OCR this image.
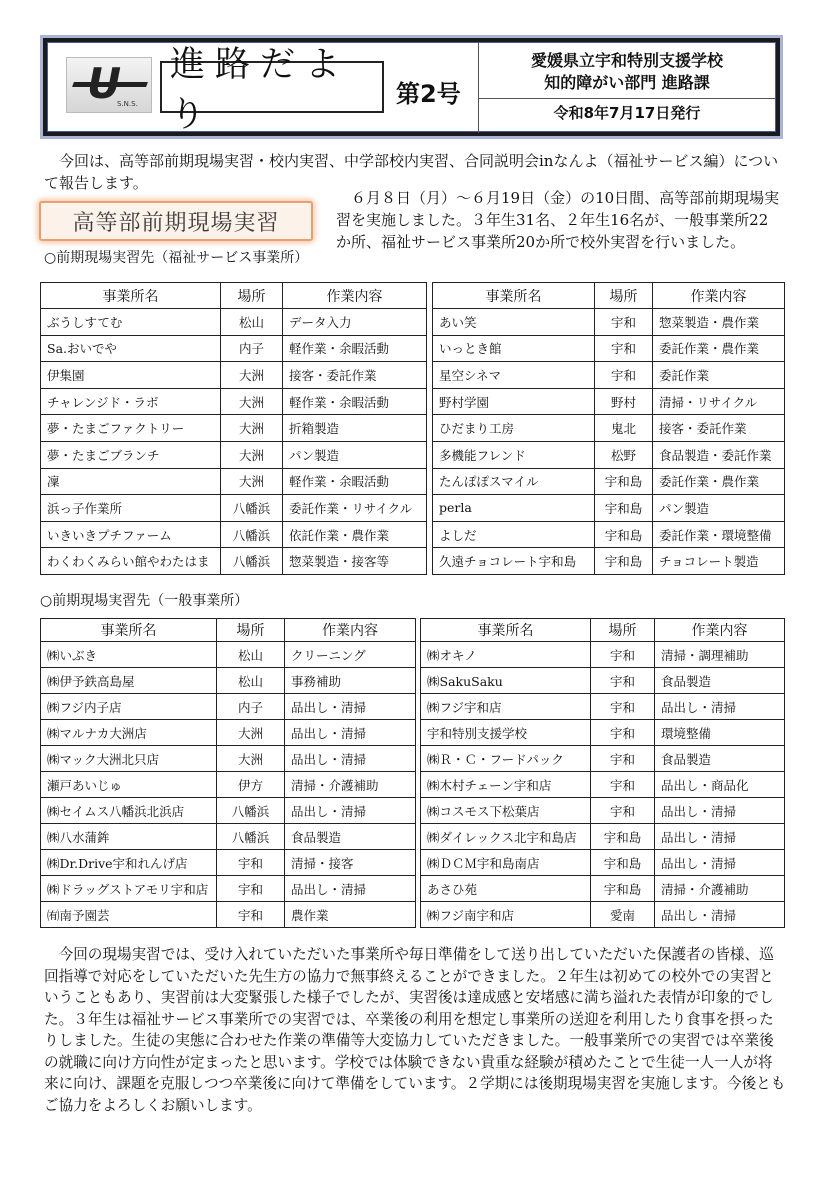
U
S.N.S.
進路だより
第2号
愛媛県立宇和特別支援学校
知的障がい部門 進路課
令和8年7月17日発行
今回は、高等部前期現場実習・校内実習、中学部校内実習、合同説明会inなんよ（福祉サービス編）について報告します。
高等部前期現場実習
６月８日（月）～６月19日（金）の10日間、高等部前期現場実習を実施しました。３年生31名、２年生16名が、一般事業所22か所、福祉サービス事業所20か所で校外実習を行いました。
○前期現場実習先（福祉サービス事業所）
事業所名	場所	作業内容
ぶうしすてむ	松山	データ入力
Sa.おいでや	内子	軽作業・余暇活動
伊集園	大洲	接客・委託作業
チャレンジド・ラボ	大洲	軽作業・余暇活動
夢・たまごファクトリー	大洲	折箱製造
夢・たまごブランチ	大洲	パン製造
凜	大洲	軽作業・余暇活動
浜っ子作業所	八幡浜	委託作業・リサイクル
いきいきプチファーム	八幡浜	依託作業・農作業
わくわくみらい館やわたはま	八幡浜	惣菜製造・接客等
事業所名	場所	作業内容
あい笑	宇和	惣菜製造・農作業
いっとき館	宇和	委託作業・農作業
星空シネマ	宇和	委託作業
野村学園	野村	清掃・リサイクル
ひだまり工房	鬼北	接客・委託作業
多機能フレンド	松野	食品製造・委託作業
たんぽぽスマイル	宇和島	委託作業・農作業
perla	宇和島	パン製造
よしだ	宇和島	委託作業・環境整備
久遠チョコレート宇和島	宇和島	チョコレート製造
○前期現場実習先（一般事業所）
事業所名	場所	作業内容
㈱いぶき	松山	クリーニング
㈱伊予鉄高島屋	松山	事務補助
㈱フジ内子店	内子	品出し・清掃
㈱マルナカ大洲店	大洲	品出し・清掃
㈱マック大洲北只店	大洲	品出し・清掃
瀬戸あいじゅ	伊方	清掃・介護補助
㈱セイムス八幡浜北浜店	八幡浜	品出し・清掃
㈱八水蒲鉾	八幡浜	食品製造
㈱Dr.Drive宇和れんげ店	宇和	清掃・接客
㈱ドラッグストアモリ宇和店	宇和	品出し・清掃
㈲南予園芸	宇和	農作業
事業所名	場所	作業内容
㈱オキノ	宇和	清掃・調理補助
㈱SakuSaku	宇和	食品製造
㈱フジ宇和店	宇和	品出し・清掃
宇和特別支援学校	宇和	環境整備
㈱Ｒ・Ｃ・フードパック	宇和	食品製造
㈱木村チェーン宇和店	宇和	品出し・商品化
㈱コスモス下松葉店	宇和	品出し・清掃
㈱ダイレックス北宇和島店	宇和島	品出し・清掃
㈱ＤＣＭ宇和島南店	宇和島	品出し・清掃
あさひ苑	宇和島	清掃・介護補助
㈱フジ南宇和店	愛南	品出し・清掃
今回の現場実習では、受け入れていただいた事業所や毎日準備をして送り出していただいた保護者の皆様、巡回指導で対応をしていただいた先生方の協力で無事終えることができました。２年生は初めての校外での実習ということもあり、実習前は大変緊張した様子でしたが、実習後は達成感と安堵感に満ち溢れた表情が印象的でした。３年生は福祉サービス事業所での実習では、卒業後の利用を想定し事業所の送迎を利用したり食事を摂ったりしました。生徒の実態に合わせた作業の準備等大変協力していただきました。一般事業所での実習では卒業後の就職に向け方向性が定まったと思います。学校では体験できない貴重な経験が積めたことで生徒一人一人が将来に向け、課題を克服しつつ卒業後に向けて準備をしています。２学期には後期現場実習を実施します。今後ともご協力をよろしくお願いします。
